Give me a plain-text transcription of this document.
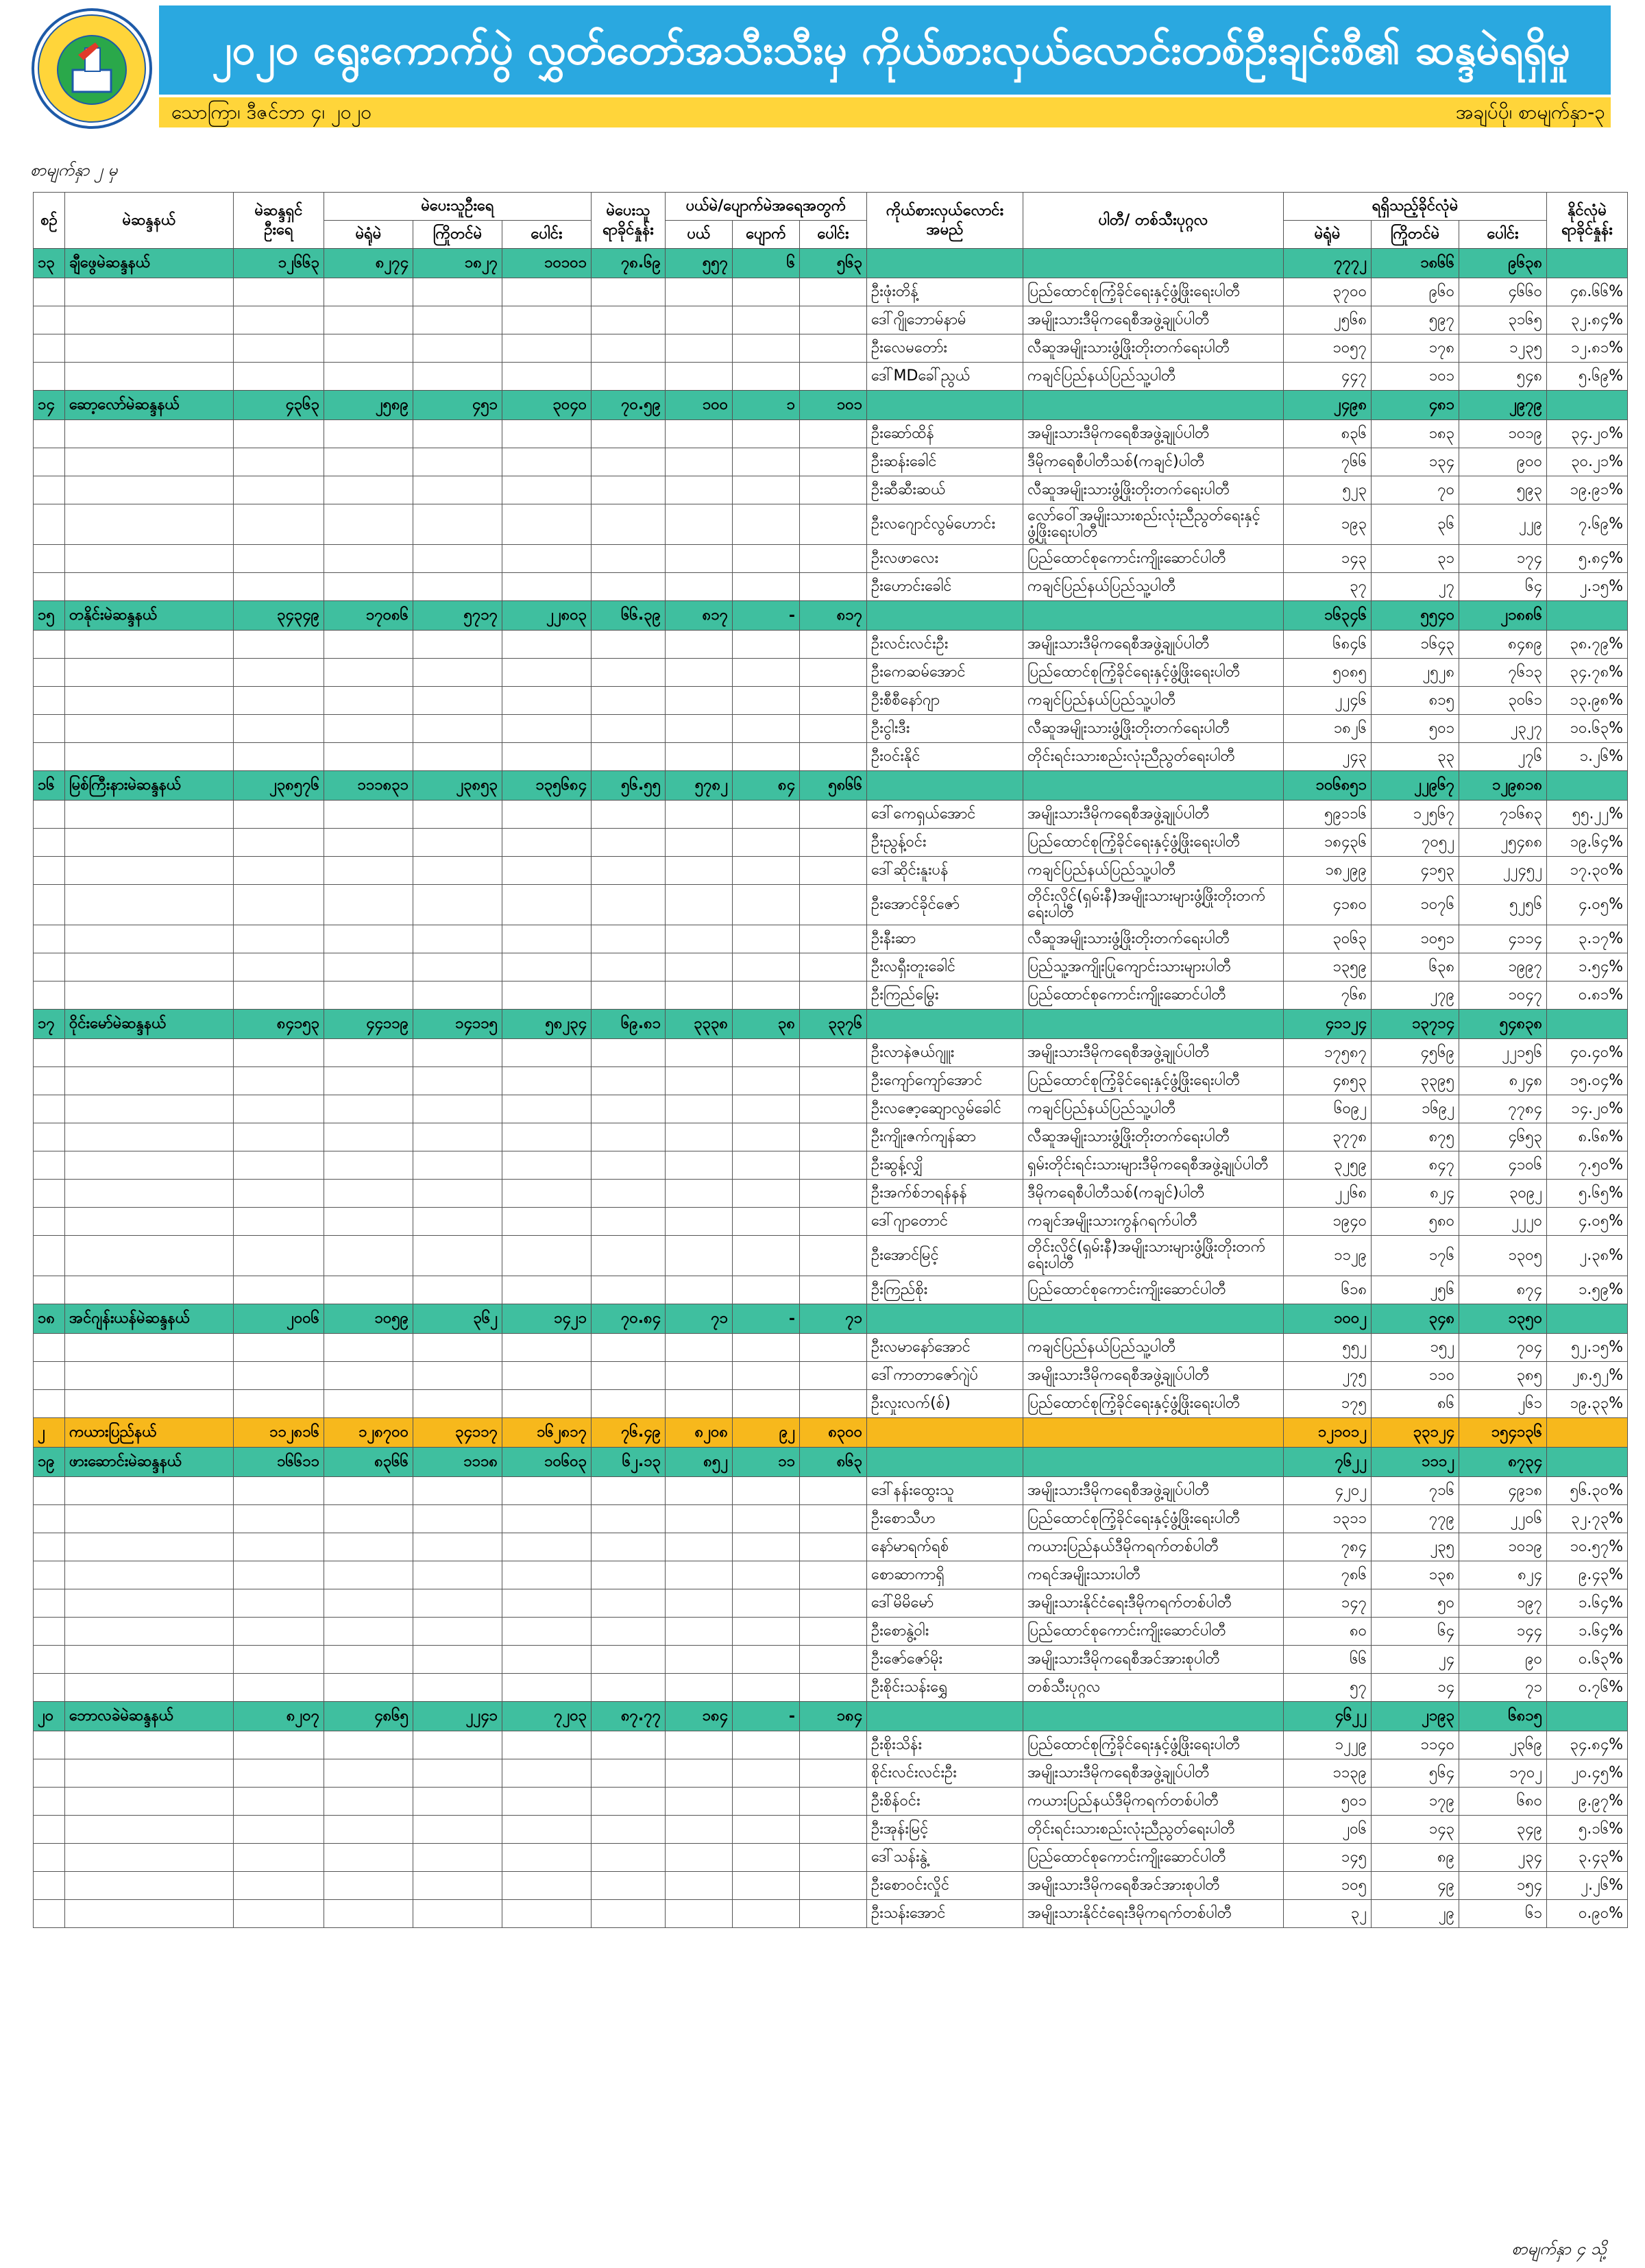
၂၀၂၀ ရွေးကောက်ပွဲ လွှတ်တော်အသီးသီးမှ ကိုယ်စားလှယ်လောင်းတစ်ဦးချင်းစီ၏ ဆန္ဒမဲရရှိမှု
သောကြာ၊ ဒီဇင်ဘာ ၄၊ ၂၀၂၀	အချပ်ပို၊ စာမျက်နှာ-၃
စာမျက်နှာ ၂ မှ
စဉ်	မဲဆန္ဒနယ်	မဲဆန္ဒရှင် ဦးရေ	မဲပေးသူဦးရေ			မဲပေးသူ ရာခိုင်နှုန်း	ပယ်မဲ/ပျောက်မဲအရေအတွက်			ကိုယ်စားလှယ်လောင်း အမည်	ပါတီ/ တစ်သီးပုဂ္ဂလ	ရရှိသည့်ခိုင်လုံမဲ			နိုင်လုံမဲ ရာခိုင်နှုန်း
			မဲရုံမဲ	ကြိုတင်မဲ	ပေါင်း		ပယ်	ပျောက်	ပေါင်း			မဲရုံမဲ	ကြိုတင်မဲ	ပေါင်း	
၁၃	ချီဖွေမဲဆန္ဒနယ်	၁၂၆၆၃	၈၂၇၄	၁၈၂၇	၁၀၁၀၁	၇၈.၆၉	၅၅၇	၆	၅၆၃			၇၇၇၂	၁၈၆၆	၉၆၃၈	
										ဦးဖုံးတိန့်	ပြည်ထောင်စုကြံ့ခိုင်ရေးနှင့်ဖွံ့ဖြိုးရေးပါတီ	၃၇၀၀	၉၆၀	၄၆၆၀	၄၈.၆၆%
										ဒေါ်ဂျိုဘောမ်နာမ်	အမျိုးသားဒီမိုကရေစီအဖွဲ့ချုပ်ပါတီ	၂၅၆၈	၅၉၇	၃၁၆၅	၃၂.၈၄%
										ဦးလေမတော်း	လီဆူအမျိုးသားဖွံ့ဖြိုးတိုးတက်ရေးပါတီ	၁၀၅၇	၁၇၈	၁၂၃၅	၁၂.၈၁%
										ဒေါ်MDခေါ်ညွယ်	ကချင်ပြည်နယ်ပြည်သူ့ပါတီ	၄၄၇	၁၀၁	၅၄၈	၅.၆၉%
၁၄	ဆော့လော်မဲဆန္ဒနယ်	၄၃၆၃	၂၅၈၉	၄၅၁	၃၀၄၀	၇၀.၅၉	၁၀၀	၁	၁၀၁			၂၄၉၈	၄၈၁	၂၉၇၉	
										ဦးဆော်ထိန်	အမျိုးသားဒီမိုကရေစီအဖွဲ့ချုပ်ပါတီ	၈၃၆	၁၈၃	၁၀၁၉	၃၄.၂၀%
										ဦးဆန်းခေါင်	ဒီမိုကရေစီပါတီသစ်(ကချင်)ပါတီ	၇၆၆	၁၃၄	၉၀၀	၃၀.၂၁%
										ဦးဆီဆီးဆယ်	လီဆူအမျိုးသားဖွံ့ဖြိုးတိုးတက်ရေးပါတီ	၅၂၃	၇၀	၅၉၃	၁၉.၉၁%
										ဦးလဂျောင်လွမ်ဟောင်း	လော်ဝေါ်အမျိုးသားစည်းလုံးညီညွတ်ရေးနှင့်ဖွံ့ဖြိုးရေးပါတီ	၁၉၃	၃၆	၂၂၉	၇.၆၉%
										ဦးလဖာလေး	ပြည်ထောင်စုကောင်းကျိုးဆောင်ပါတီ	၁၄၃	၃၁	၁၇၄	၅.၈၄%
										ဦးဟောင်းခေါင်	ကချင်ပြည်နယ်ပြည်သူ့ပါတီ	၃၇	၂၇	၆၄	၂.၁၅%
၁၅	တနိုင်းမဲဆန္ဒနယ်	၃၄၃၄၉	၁၇၀၈၆	၅၇၁၇	၂၂၈၀၃	၆၆.၃၉	၈၁၇	-	၈၁၇			၁၆၃၄၆	၅၅၄၀	၂၁၈၈၆	
										ဦးလင်းလင်းဦး	အမျိုးသားဒီမိုကရေစီအဖွဲ့ချုပ်ပါတီ	၆၈၄၆	၁၆၄၃	၈၄၈၉	၃၈.၇၉%
										ဦးကေဆမ်အောင်	ပြည်ထောင်စုကြံ့ခိုင်ရေးနှင့်ဖွံ့ဖြိုးရေးပါတီ	၅၀၈၅	၂၅၂၈	၇၆၁၃	၃၄.၇၈%
										ဦးစီစီနော်ဂျာ	ကချင်ပြည်နယ်ပြည်သူ့ပါတီ	၂၂၄၆	၈၁၅	၃၀၆၁	၁၃.၉၈%
										ဦးငွါးဒီး	လီဆူအမျိုးသားဖွံ့ဖြိုးတိုးတက်ရေးပါတီ	၁၈၂၆	၅၀၁	၂၃၂၇	၁၀.၆၃%
										ဦးဝင်းနိုင်	တိုင်းရင်းသားစည်းလုံးညီညွတ်ရေးပါတီ	၂၄၃	၃၃	၂၇၆	၁.၂၆%
၁၆	မြစ်ကြီးနားမဲဆန္ဒနယ်	၂၃၈၅၇၆	၁၁၁၈၃၁	၂၃၈၅၃	၁၃၅၆၈၄	၅၆.၅၅	၅၇၈၂	၈၄	၅၈၆၆			၁၀၆၈၅၁	၂၂၉၆၇	၁၂၉၈၁၈	
										ဒေါ်ကေရှယ်အောင်	အမျိုးသားဒီမိုကရေစီအဖွဲ့ချုပ်ပါတီ	၅၉၁၁၆	၁၂၅၆၇	၇၁၆၈၃	၅၅.၂၂%
										ဦးညွန့်ဝင်း	ပြည်ထောင်စုကြံ့ခိုင်ရေးနှင့်ဖွံ့ဖြိုးရေးပါတီ	၁၈၄၃၆	၇၀၅၂	၂၅၄၈၈	၁၉.၆၄%
										ဒေါ်ဆိုင်းနူးပန်	ကချင်ပြည်နယ်ပြည်သူ့ပါတီ	၁၈၂၉၉	၄၁၅၃	၂၂၄၅၂	၁၇.၃၀%
										ဦးအောင်ခိုင်ဇော်	တိုင်းလိုင်(ရှမ်းနီ)အမျိုးသားများဖွံ့ဖြိုးတိုးတက်ရေးပါတီ	၄၁၈၀	၁၀၇၆	၅၂၅၆	၄.၀၅%
										ဦးနီးဆာ	လီဆူအမျိုးသားဖွံ့ဖြိုးတိုးတက်ရေးပါတီ	၃၀၆၃	၁၀၅၁	၄၁၁၄	၃.၁၇%
										ဦးလရှီးတူးခေါင်	ပြည်သူ့အကျိုးပြုကျောင်းသားများပါတီ	၁၃၅၉	၆၃၈	၁၉၉၇	၁.၅၄%
										ဦးကြည်မြွေး	ပြည်ထောင်စုကောင်းကျိုးဆောင်ပါတီ	၇၆၈	၂၇၉	၁၀၄၇	၀.၈၁%
၁၇	ဝိုင်းမော်မဲဆန္ဒနယ်	၈၄၁၅၃	၄၄၁၁၉	၁၄၁၁၅	၅၈၂၃၄	၆၉.၈၁	၃၃၃၈	၃၈	၃၃၇၆			၄၁၁၂၄	၁၃၇၁၄	၅၄၈၃၈	
										ဦးလာနဲဇယ်ဂျူး	အမျိုးသားဒီမိုကရေစီအဖွဲ့ချုပ်ပါတီ	၁၇၅၈၇	၄၅၆၉	၂၂၁၅၆	၄၀.၄၀%
										ဦးကျော်ကျော်အောင်	ပြည်ထောင်စုကြံ့ခိုင်ရေးနှင့်ဖွံ့ဖြိုးရေးပါတီ	၄၈၅၃	၃၃၉၅	၈၂၄၈	၁၅.၀၄%
										ဦးလဇော့ဆျောလွမ်ခေါင်	ကချင်ပြည်နယ်ပြည်သူ့ပါတီ	၆၀၉၂	၁၆၉၂	၇၇၈၄	၁၄.၂၀%
										ဦးကျိုးဇက်ကျန်ဆာ	လီဆူအမျိုးသားဖွံ့ဖြိုးတိုးတက်ရေးပါတီ	၃၇၇၈	၈၇၅	၄၆၅၃	၈.၆၈%
										ဦးဆွန့်လျှိ	ရှမ်းတိုင်းရင်းသားများဒီမိုကရေစီအဖွဲ့ချုပ်ပါတီ	၃၂၅၉	၈၄၇	၄၁၀၆	၇.၅၀%
										ဦးအက်စ်ဘရန်နန်	ဒီမိုကရေစီပါတီသစ်(ကချင်)ပါတီ	၂၂၆၈	၈၂၄	၃၀၉၂	၅.၆၅%
										ဒေါ်ဂျာတောင်	ကချင်အမျိုးသားကွန်ဂရက်ပါတီ	၁၉၄၀	၅၈၀	၂၂၂၀	၄.၀၅%
										ဦးအောင်မြင့်	တိုင်းလိုင်(ရှမ်းနီ)အမျိုးသားများဖွံ့ဖြိုးတိုးတက်ရေးပါတီ	၁၁၂၉	၁၇၆	၁၃၀၅	၂.၃၈%
										ဦးကြည်စိုး	ပြည်ထောင်စုကောင်းကျိုးဆောင်ပါတီ	၆၁၈	၂၅၆	၈၇၄	၁.၅၉%
၁၈	အင်ဂျန်းယန်မဲဆန္ဒနယ်	၂၀၀၆	၁၀၅၉	၃၆၂	၁၄၂၁	၇၀.၈၄	၇၁	-	၇၁			၁၀၀၂	၃၄၈	၁၃၅၀	
										ဦးလမာနော်အောင်	ကချင်ပြည်နယ်ပြည်သူ့ပါတီ	၅၅၂	၁၅၂	၇၀၄	၅၂.၁၅%
										ဒေါ်ကာတာဇော်ဂျဲပ်	အမျိုးသားဒီမိုကရေစီအဖွဲ့ချုပ်ပါတီ	၂၇၅	၁၁၀	၃၈၅	၂၈.၅၂%
										ဦးလှုးလက်(စ်)	ပြည်ထောင်စုကြံ့ခိုင်ရေးနှင့်ဖွံ့ဖြိုးရေးပါတီ	၁၇၅	၈၆	၂၆၁	၁၉.၃၃%
၂	ကယားပြည်နယ်	၁၁၂၈၁၆	၁၂၈၇၀၀	၃၄၁၁၇	၁၆၂၈၁၇	၇၆.၄၉	၈၂၀၈	၉၂	၈၃၀၀			၁၂၁၀၁၂	၃၃၁၂၄	၁၅၄၁၃၆	
၁၉	ဖားဆောင်းမဲဆန္ဒနယ်	၁၆၆၁၁	၈၃၆၆	၁၁၁၈	၁၀၆၀၃	၆၂.၁၃	၈၅၂	၁၁	၈၆၃			၇၆၂၂	၁၁၁၂	၈၇၃၄	
										ဒေါ်နန်းထွေးသူ	အမျိုးသားဒီမိုကရေစီအဖွဲ့ချုပ်ပါတီ	၄၂၀၂	၇၁၆	၄၉၁၈	၅၆.၃၀%
										ဦးစောသီဟ	ပြည်ထောင်စုကြံ့ခိုင်ရေးနှင့်ဖွံ့ဖြိုးရေးပါတီ	၁၃၁၁	၇၇၉	၂၂၀၆	၃၂.၇၃%
										နော်မာရက်ရစ်	ကယားပြည်နယ်ဒီမိုကရက်တစ်ပါတီ	၇၈၄	၂၃၅	၁၀၁၉	၁၀.၅၇%
										စောဆာကာရှိ	ကရင်အမျိုးသားပါတီ	၇၈၆	၁၃၈	၈၂၄	၉.၄၃%
										ဒေါ်မိမိမော်	အမျိုးသားနိုင်ငံရေးဒီမိုကရက်တစ်ပါတီ	၁၄၇	၅၀	၁၉၇	၁.၆၄%
										ဦးစောနွဲ့ဝါး	ပြည်ထောင်စုကောင်းကျိုးဆောင်ပါတီ	၈၀	၆၄	၁၄၄	၁.၆၄%
										ဦးဇော်ဇော်မိုး	အမျိုးသားဒီမိုကရေစီအင်အားစုပါတီ	၆၆	၂၄	၉၀	၀.၆၃%
										ဦးစိုင်းသန်းရွှေ	တစ်သီးပုဂ္ဂလ	၅၇	၁၄	၇၁	၀.၇၆%
၂၀	ဘောလခဲမဲဆန္ဒနယ်	၈၂၀၇	၄၈၆၅	၂၂၄၁	၇၂၀၃	၈၇.၇၇	၁၈၄	-	၁၈၄			၄၆၂၂	၂၁၉၃	၆၈၁၅	
										ဦးစိုးသိန်း	ပြည်ထောင်စုကြံ့ခိုင်ရေးနှင့်ဖွံ့ဖြိုးရေးပါတီ	၁၂၂၉	၁၁၄၀	၂၃၆၉	၃၄.၈၄%
										စိုင်းလင်းလင်းဦး	အမျိုးသားဒီမိုကရေစီအဖွဲ့ချုပ်ပါတီ	၁၁၃၉	၅၆၄	၁၇၀၂	၂၀.၄၅%
										ဦးစိန်ဝင်း	ကယားပြည်နယ်ဒီမိုကရက်တစ်ပါတီ	၅၀၁	၁၇၉	၆၈၀	၉.၉၇%
										ဦးအုန်းမြင့်	တိုင်းရင်းသားစည်းလုံးညီညွတ်ရေးပါတီ	၂၀၆	၁၄၃	၃၄၉	၅.၁၆%
										ဒေါ်သန်းနွဲ့	ပြည်ထောင်စုကောင်းကျိုးဆောင်ပါတီ	၁၄၅	၈၉	၂၃၄	၃.၄၃%
										ဦးစောဝင်းလှိုင်	အမျိုးသားဒီမိုကရေစီအင်အားစုပါတီ	၁၀၅	၄၉	၁၅၄	၂.၂၆%
										ဦးသန်းအောင်	အမျိုးသားနိုင်ငံရေးဒီမိုကရက်တစ်ပါတီ	၃၂	၂၉	၆၁	၀.၉၀%
စာမျက်နှာ ၄ သို့
